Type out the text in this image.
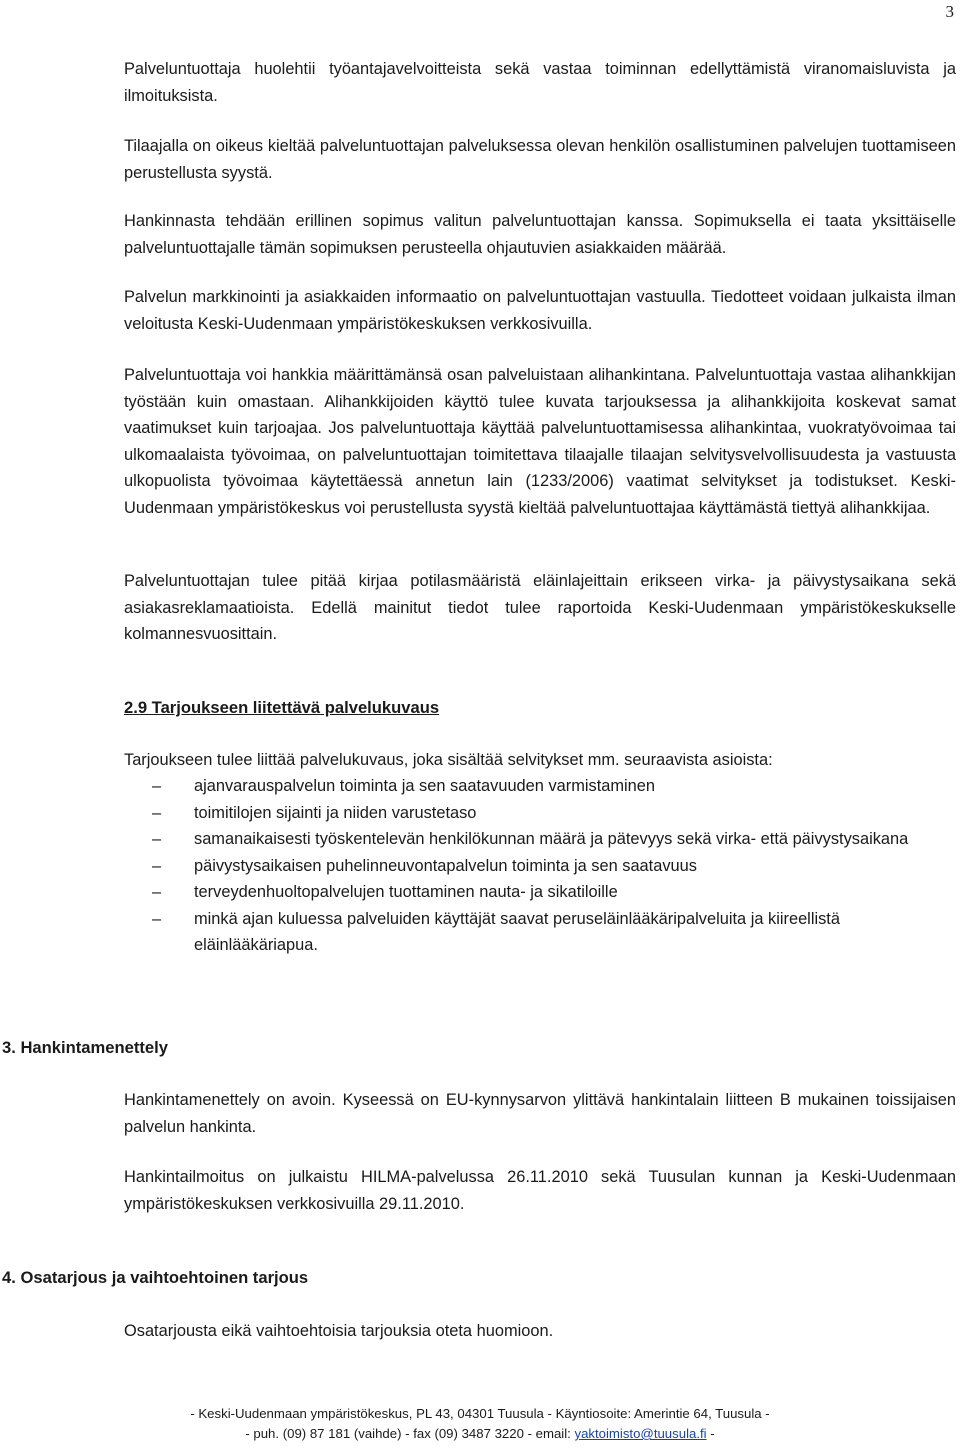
3

Palveluntuottaja huolehtii työantajavelvoitteista sekä vastaa toiminnan edellyttämistä viranomaisluvista ja ilmoituksista.

Tilaajalla on oikeus kieltää palveluntuottajan palveluksessa olevan henkilön osallistuminen palvelujen tuottamiseen perustellusta syystä.

Hankinnasta tehdään erillinen sopimus valitun palveluntuottajan kanssa. Sopimuksella ei taata yksittäiselle palveluntuottajalle tämän sopimuksen perusteella ohjautuvien asiakkaiden määrää.

Palvelun markkinointi ja asiakkaiden informaatio on palveluntuottajan vastuulla. Tiedotteet voidaan julkaista ilman veloitusta Keski-Uudenmaan ympäristökeskuksen verkkosivuilla.

Palveluntuottaja voi hankkia määrittämänsä osan palveluistaan alihankintana. Palveluntuottaja vastaa alihankkijan työstään kuin omastaan. Alihankkijoiden käyttö tulee kuvata tarjouksessa ja alihankkijoita koskevat samat vaatimukset kuin tarjoajaa. Jos palveluntuottaja käyttää palveluntuottamisessa alihankintaa, vuokratyövoimaa tai ulkomaalaista työvoimaa, on palveluntuottajan toimitettava tilaajalle tilaajan selvitysvelvollisuudesta ja vastuusta ulkopuolista työvoimaa käytettäessä annetun lain (1233/2006) vaatimat selvitykset ja todistukset. Keski-Uudenmaan ympäristökeskus voi perustellusta syystä kieltää palveluntuottajaa käyttämästä tiettyä alihankkijaa.

Palveluntuottajan tulee pitää kirjaa potilasmääristä eläinlajeittain erikseen virka- ja päivystysaikana sekä asiakasreklamaatioista. Edellä mainitut tiedot tulee raportoida Keski-Uudenmaan ympäristökeskukselle kolmannesvuosittain.

2.9 Tarjoukseen liitettävä palvelukuvaus

Tarjoukseen tulee liittää palvelukuvaus, joka sisältää selvitykset mm. seuraavista asioista:

–	ajanvarauspalvelun toiminta ja sen saatavuuden varmistaminen
–	toimitilojen sijainti ja niiden varustetaso
–	samanaikaisesti työskentelevän henkilökunnan määrä ja pätevyys sekä virka- että päivystysaikana
–	päivystysaikaisen puhelinneuvontapalvelun toiminta ja sen saatavuus
–	terveydenhuoltopalvelujen tuottaminen nauta- ja sikatiloille
–	minkä ajan kuluessa palveluiden käyttäjät saavat peruseläinlääkäripalveluita ja kiireellistä eläinlääkäriapua.
3. Hankintamenettely

Hankintamenettely on avoin. Kyseessä on EU-kynnysarvon ylittävä hankintalain liitteen B mukainen toissijaisen palvelun hankinta.

Hankintailmoitus on julkaistu HILMA-palvelussa 26.11.2010 sekä Tuusulan kunnan ja Keski-Uudenmaan ympäristökeskuksen verkkosivuilla 29.11.2010.

4. Osatarjous ja vaihtoehtoinen tarjous

Osatarjousta eikä vaihtoehtoisia tarjouksia oteta huomioon.

- Keski-Uudenmaan ympäristökeskus, PL 43, 04301 Tuusula - Käyntiosoite: Amerintie 64, Tuusula -
- puh. (09) 87 181 (vaihde) - fax (09) 3487 3220 - email: yaktoimisto@tuusula.fi -
